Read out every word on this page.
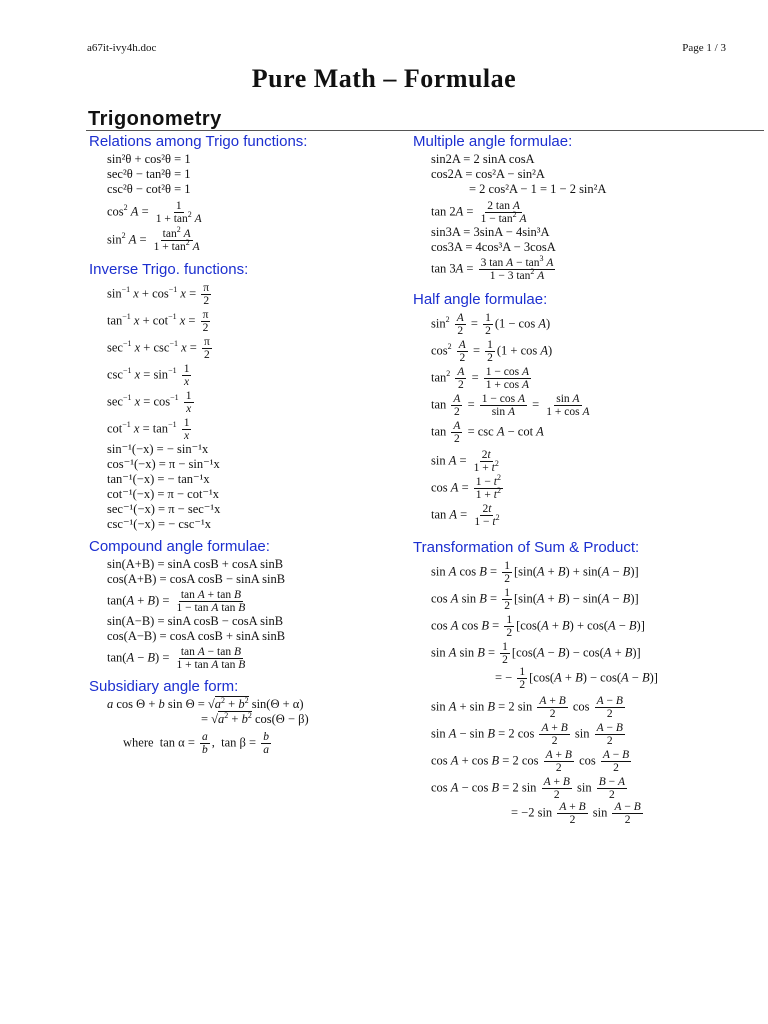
a67it-ivy4h.doc	Page 1 / 3
Pure Math – Formulae
Trigonometry

Relations among Trigo functions:

sin²θ + cos²θ = 1
sec²θ − tan²θ = 1
csc²θ − cot²θ = 1
$\cos^2 A = \frac{1}{1 + \tan^2 A}$
$\sin^2 A = \frac{\tan^2 A}{1 + \tan^2 A}$

Inverse Trigo. functions:

$\sin^{-1} x + \cos^{-1} x = \frac{\pi}{2}$
$\tan^{-1} x + \cot^{-1} x = \frac{\pi}{2}$
$\sec^{-1} x + \csc^{-1} x = \frac{\pi}{2}$
$\csc^{-1} x = \sin^{-1} \frac{1}{x}$
$\sec^{-1} x = \cos^{-1} \frac{1}{x}$
$\cot^{-1} x = \tan^{-1} \frac{1}{x}$
sin⁻¹(−x) = − sin⁻¹x
cos⁻¹(−x) = π − sin⁻¹x
tan⁻¹(−x) = − tan⁻¹x
cot⁻¹(−x) = π − cot⁻¹x
sec⁻¹(−x) = π − sec⁻¹x
csc⁻¹(−x) = − csc⁻¹x

Compound angle formulae:

sin(A+B) = sinA cosB + cosA sinB
cos(A+B) = cosA cosB − sinA sinB
$\tan(A + B) = \frac{\text{tan A + tan B}}{\text{1 − tan A tan B}}$
sin(A−B) = sinA cosB − cosA sinB
cos(A−B) = cosA cosB + sinA sinB
$\tan(A - B) = \frac{\text{tan A − tan B}}{\text{1 + tan A tan B}}$

Subsidiary angle form:

a cos Θ + b $\sin \Theta = √a^2 + b^2$ sin(Θ + α)
= $√a^2 + b^2$ cos(Θ − β)
where  $\tan \alpha = \frac{a}{b}$ ,  $\tan \beta = \frac{b}{a}$

Multiple angle formulae:

sin2A = 2 sinA cosA
cos2A = cos²A − sin²A
= 2 cos²A − 1 = 1 − 2 sin²A
$\tan 2A = \frac{\text{2 tan A}}{1 - \tan^2 A}$
sin3A = 3sinA − 4sin³A
cos3A = 4cos³A − 3cosA
$\tan 3A = \frac{3 \tan A - \tan^3 A}{1 - 3 \tan^2 A}$

Half angle formulae:

$\sin^2 \frac{A}{2} = \frac{1}{2} (1 - \cos A)$
$\cos^2 \frac{A}{2} = \frac{1}{2} (1 + \cos A)$
$\tan^2 \frac{A}{2} = \frac{\text{1 − cos A}}{\text{1 + cos A}}$
$\tan \frac{A}{2} = \frac{\text{1 − cos A}}{\text{sin A}} = \frac{\text{sin A}}{\text{1 + cos A}}$
$\tan \frac{A}{2} = \csc A - \cot A$
$\sin A = \frac{2t}{1 + t^2}$
$\cos A = \frac{1 - t^2}{1 + t^2}$
$\tan A = \frac{2t}{1 - t^2}$

Transformation of Sum & Product:

sin A $\cos B = \frac{1}{2} [\sin(A + B) + \sin(A - B)]$
cos A $\sin B = \frac{1}{2} [\sin(A + B) - \sin(A - B)]$
cos A $\cos B = \frac{1}{2} [\cos(A + B) + \cos(A - B)]$
sin A $\sin B = \frac{1}{2} [\cos(A - B) - \cos(A + B)]$
= − $\frac{1}{2} [\cos(A + B) - \cos(A - B)]$
sin A + sin B = 2 $\sin \frac{A + B}{2}$ $\cos \frac{A - B}{2}$
sin A − sin B = 2 $\cos \frac{A + B}{2}$ $\sin \frac{A - B}{2}$
cos A + cos B = 2 $\cos \frac{A + B}{2}$ $\cos \frac{A - B}{2}$
cos A − cos B = 2 $\sin \frac{A + B}{2}$ $\sin \frac{B - A}{2}$
= −2 $\sin \frac{A + B}{2}$ $\sin \frac{A - B}{2}$
